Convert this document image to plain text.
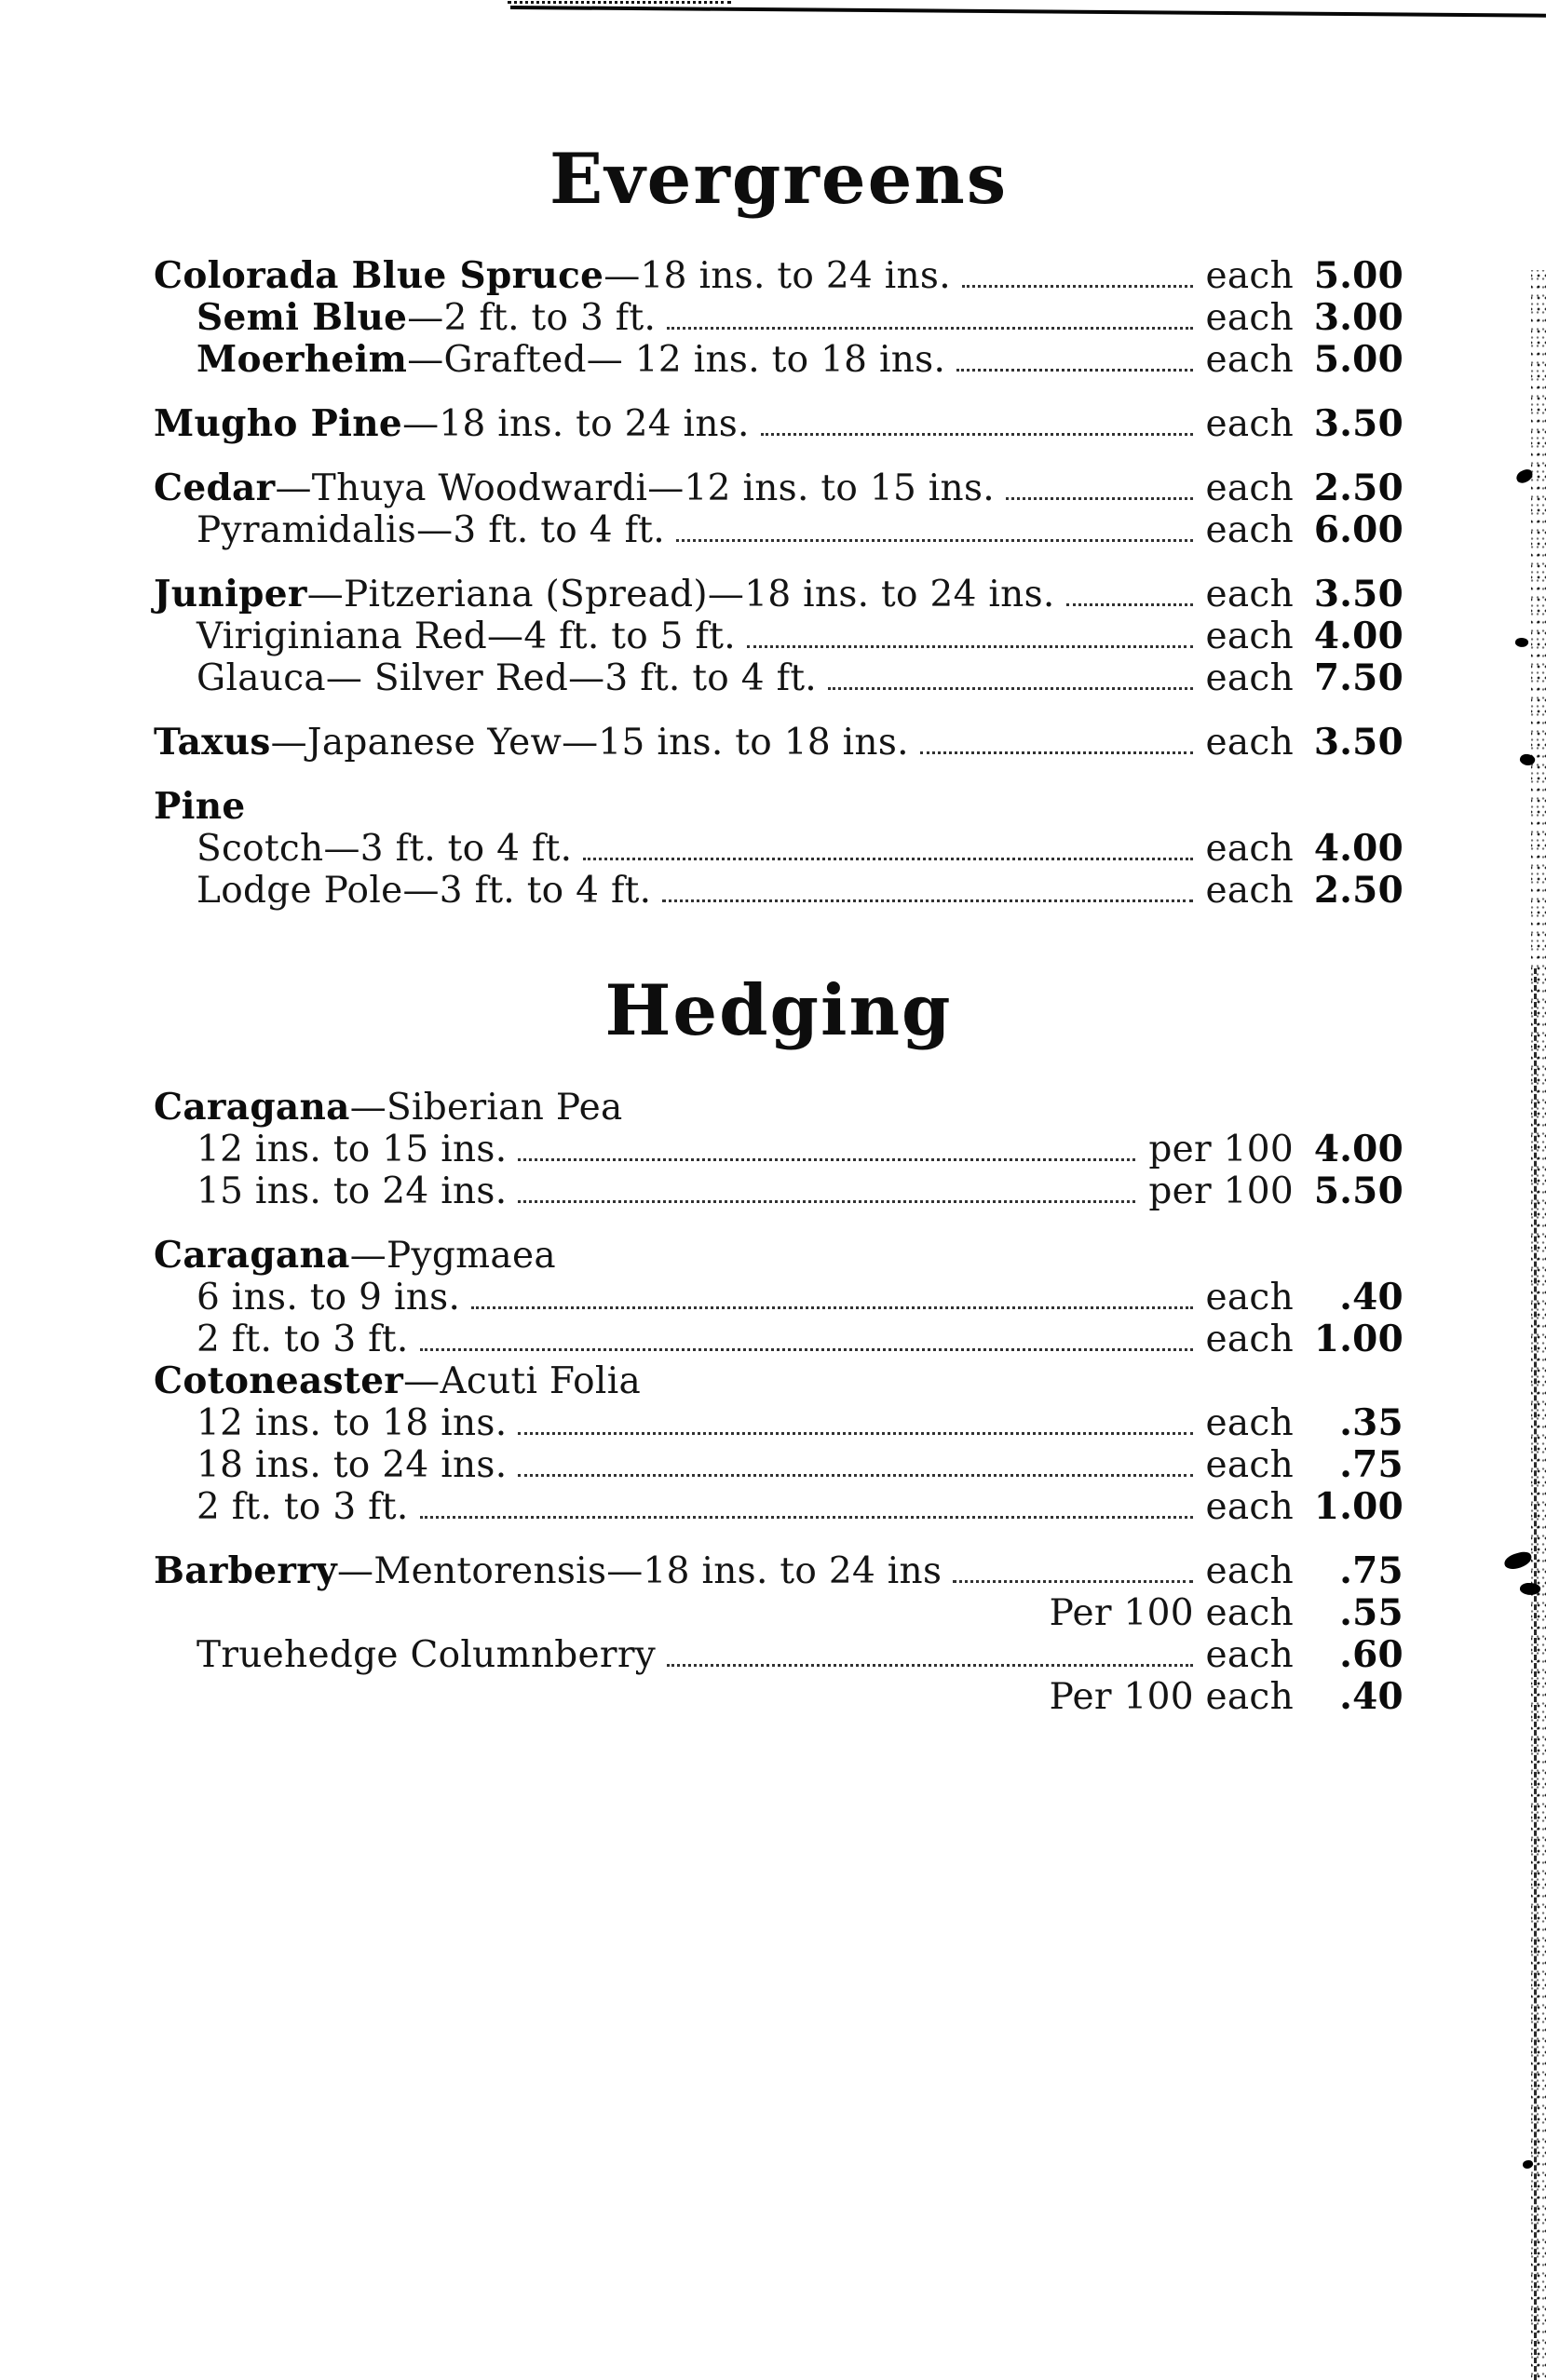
Evergreens
Colorada Blue Spruce—18 ins. to 24 ins.	each 5.00
Semi Blue—2 ft. to 3 ft.	each 3.00
Moerheim—Grafted— 12 ins. to 18 ins.	each 5.00
Mugho Pine—18 ins. to 24 ins.	each 3.50
Cedar—Thuya Woodwardi—12 ins. to 15 ins.	each 2.50
Pyramidalis—3 ft. to 4 ft.	each 6.00
Juniper—Pitzeriana (Spread)—18 ins. to 24 ins.	each 3.50
Viriginiana Red—4 ft. to 5 ft.	each 4.00
Glauca— Silver Red—3 ft. to 4 ft.	each 7.50
Taxus—Japanese Yew—15 ins. to 18 ins.	each 3.50
Pine
Scotch—3 ft. to 4 ft.	each 4.00
Lodge Pole—3 ft. to 4 ft.	each 2.50
Hedging
Caragana—Siberian Pea
12 ins. to 15 ins.	per 100 4.00
15 ins. to 24 ins.	per 100 5.50
Caragana—Pygmaea
6 ins. to 9 ins.	each	.40
2 ft. to 3 ft.	each 1.00
Cotoneaster—Acuti Folia
12 ins. to 18 ins.	each	.35
18 ins. to 24 ins.	each	.75
2 ft. to 3 ft.	each 1.00
Barberry—Mentorensis—18 ins. to 24 ins	each	.75
Per 100 each	.55
Truehedge Columnberry	each	.60
Per 100 each	.40
